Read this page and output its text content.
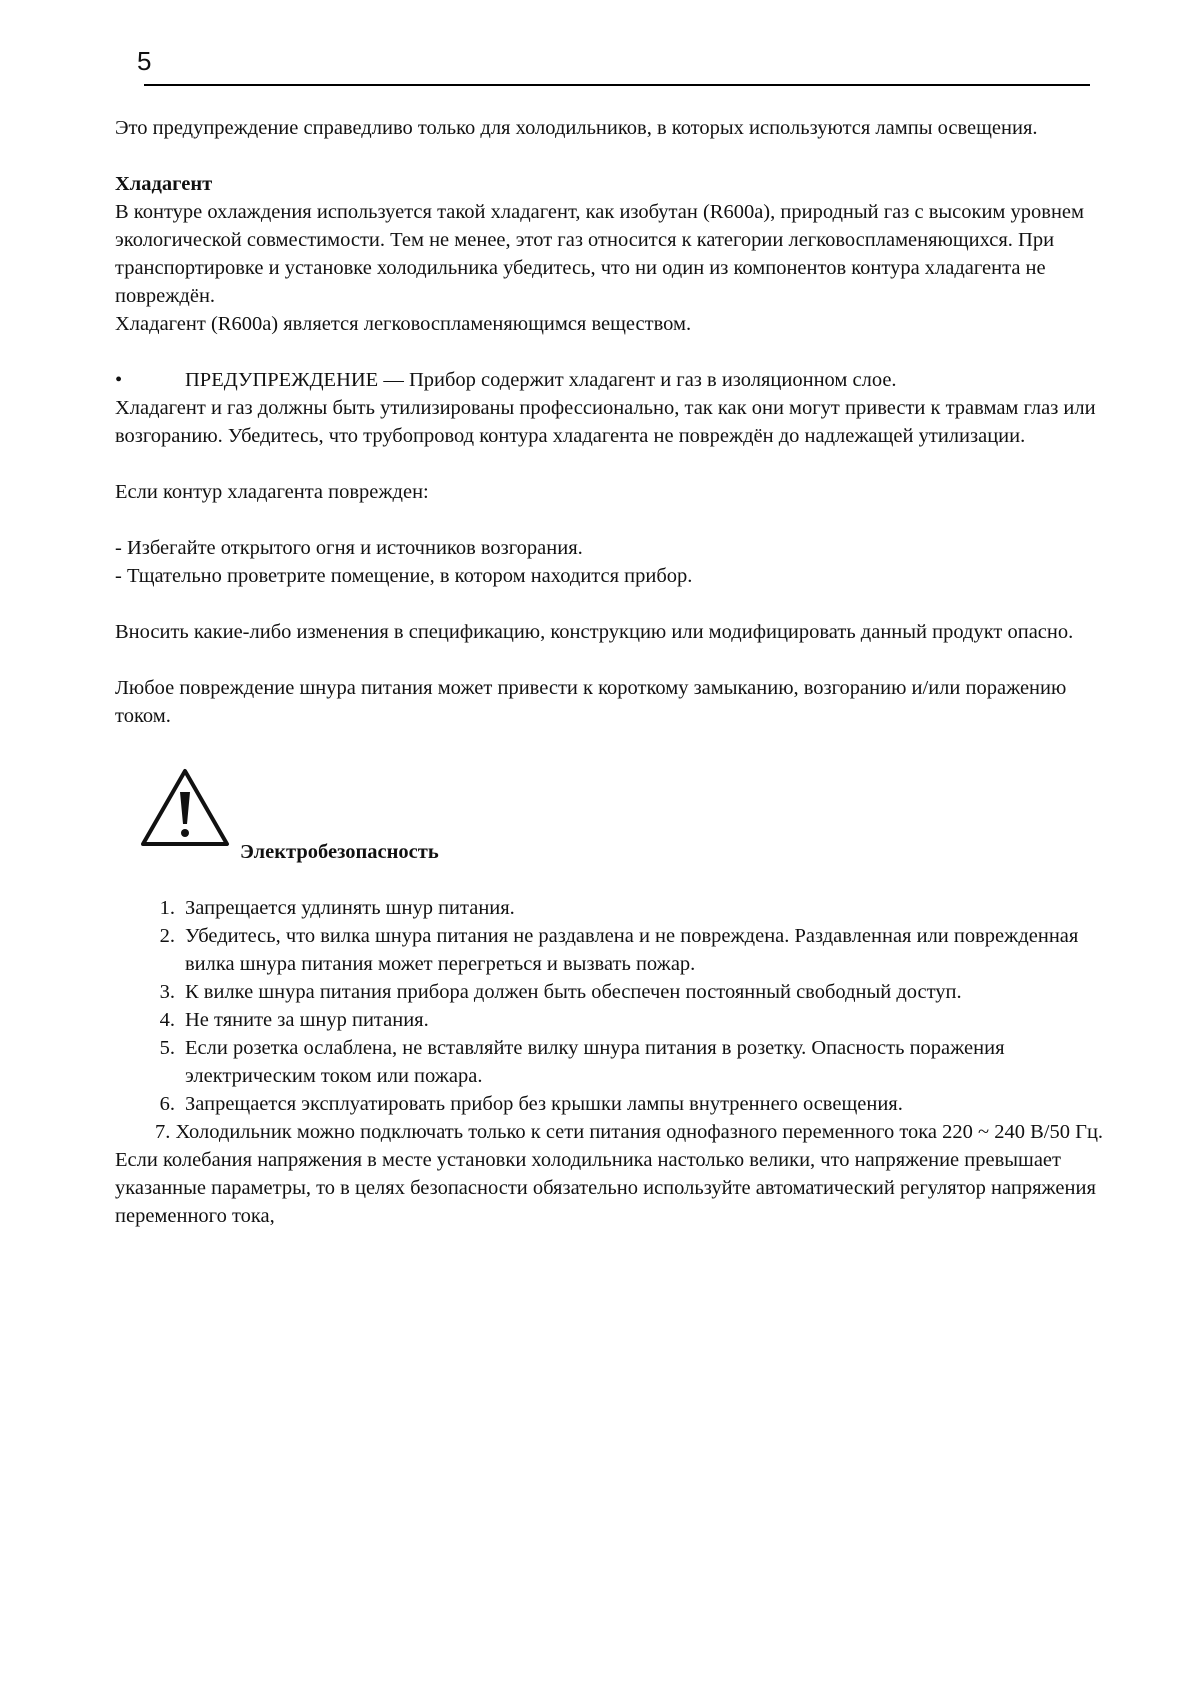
5

Это предупреждение справедливо только для холодильников, в которых используются лампы освещения.

Хладагент

В контуре охлаждения используется такой хладагент, как изобутан (R600a), природный газ с высоким уровнем экологической совместимости. Тем не менее, этот газ относится к категории легковоспламеняющихся. При транспортировке и установке холодильника убедитесь, что ни один из компонентов контура хладагента не повреждён.

Хладагент (R600a) является легковоспламеняющимся веществом.

•	ПРЕДУПРЕЖДЕНИЕ — Прибор содержит хладагент и газ в изоляционном слое.

Хладагент и газ должны быть утилизированы профессионально, так как они могут привести к травмам глаз или возгоранию. Убедитесь, что трубопровод контура хладагента не повреждён до надлежащей утилизации.

Если контур хладагента поврежден:

- Избегайте открытого огня и источников возгорания.

- Тщательно проветрите помещение, в котором находится прибор.

Вносить какие-либо изменения в спецификацию, конструкцию или модифицировать данный продукт опасно.

Любое повреждение шнура питания может привести к короткому замыканию, возгоранию и/или поражению током.

Электробезопасность
1. Запрещается удлинять шнур питания.
2. Убедитесь, что вилка шнура питания не раздавлена и не повреждена. Раздавленная или поврежденная вилка шнура питания может перегреться и вызвать пожар.
3. К вилке шнура питания прибора должен быть обеспечен постоянный свободный доступ.
4. Не тяните за шнур питания.
5. Если розетка ослаблена, не вставляйте вилку шнура питания в розетку. Опасность поражения электрическим током или пожара.
6. Запрещается эксплуатировать прибор без крышки лампы внутреннего освещения.

7. Холодильник можно подключать только к сети питания однофазного переменного тока 220 ~ 240 В/50 Гц. Если колебания напряжения в месте установки холодильника настолько велики, что напряжение превышает указанные параметры, то в целях безопасности обязательно используйте автоматический регулятор напряжения переменного тока,
